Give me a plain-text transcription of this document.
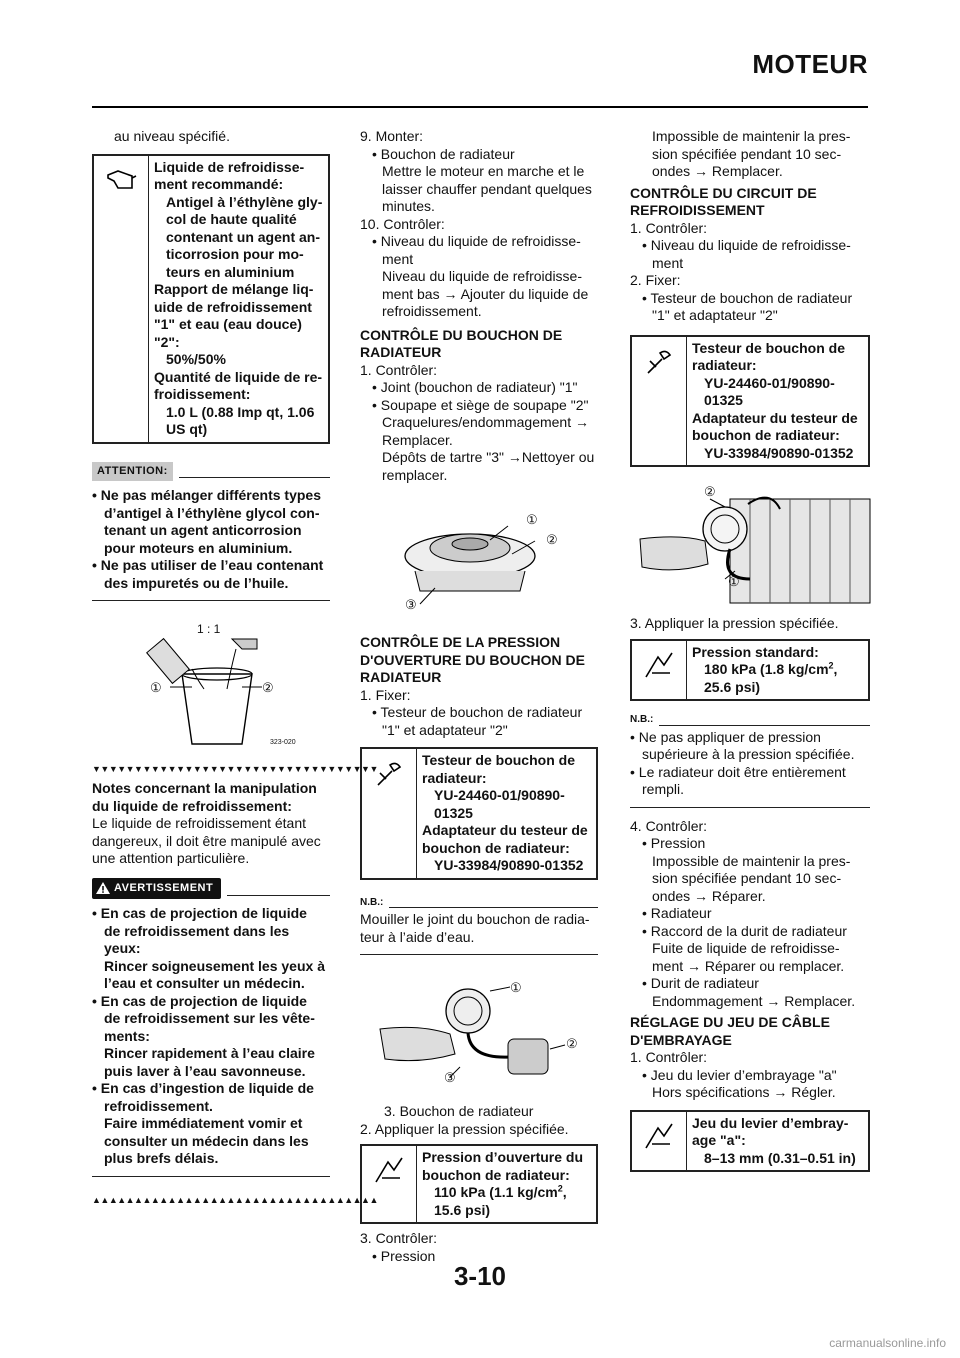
MOTEUR

au niveau spécifié.

Liquide de refroidisse-

ment recommandé:

Antigel à l’éthylène gly-

col de haute qualité

contenant un agent an-

ticorrosion pour mo-

teurs en aluminium

Rapport de mélange liq-

uide de refroidissement

"1" et eau (eau douce)

"2":

50%/50%

Quantité de liquide de re-

froidissement:

1.0 L (0.88 Imp qt, 1.06

US qt)

ATTENTION:

• Ne pas mélanger différents types

d’antigel à l’éthylène glycol con-

tenant un agent anticorrosion

pour moteurs en aluminium.

• Ne pas utiliser de l’eau contenant

des impuretés ou de l’huile.

1 : 1
①	②
323-020
▼▼▼▼▼▼▼▼▼▼▼▼▼▼▼▼▼▼▼▼▼▼▼▼▼▼▼▼▼▼▼▼▼▼

Notes concernant la manipulation

du liquide de refroidissement:

Le liquide de refroidissement étant

dangereux, il doit être manipulé avec

une attention particulière.

AVERTISSEMENT

• En cas de projection de liquide

de refroidissement dans les

yeux:

Rincer soigneusement les yeux à

l’eau et consulter un médecin.

• En cas de projection de liquide

de refroidissement sur les vête-

ments:

Rincer rapidement à l’eau claire

puis laver à l’eau savonneuse.

• En cas d’ingestion de liquide de

refroidissement.

Faire immédiatement vomir et

consulter un médecin dans les

plus brefs délais.

▲▲▲▲▲▲▲▲▲▲▲▲▲▲▲▲▲▲▲▲▲▲▲▲▲▲▲▲▲▲▲▲▲▲

9. Monter:

• Bouchon de radiateur

Mettre le moteur en marche et le

laisser chauffer pendant quelques

minutes.

10. Contrôler:

• Niveau du liquide de refroidisse-

ment

Niveau du liquide de refroidisse-

ment bas → Ajouter du liquide de

refroidissement.

CONTRÔLE DU BOUCHON DE

RADIATEUR

1. Contrôler:

• Joint (bouchon de radiateur) "1"

• Soupape et siège de soupape "2"

Craquelures/endommagement →

Remplacer.

Dépôts de tartre "3" →Nettoyer ou

remplacer.

①
②
③

CONTRÔLE DE LA PRESSION

D'OUVERTURE DU BOUCHON DE

RADIATEUR

1. Fixer:

• Testeur de bouchon de radiateur

"1" et adaptateur "2"

Testeur de bouchon de

radiateur:

YU-24460-01/90890-

01325

Adaptateur du testeur de

bouchon de radiateur:

YU-33984/90890-01352

N.B.:

Mouiller le joint du bouchon de radia-

teur à l’aide d’eau.

①
②
③

3. Bouchon de radiateur

2. Appliquer la pression spécifiée.

Pression d’ouverture du

bouchon de radiateur:

110 kPa (1.1 $kg/cm^2$,

15.6 psi)

3. Contrôler:

• Pression

Impossible de maintenir la pres-

sion spécifiée pendant 10 sec-

ondes → Remplacer.

CONTRÔLE DU CIRCUIT DE

REFROIDISSEMENT

1. Contrôler:

• Niveau du liquide de refroidisse-

ment

2. Fixer:

• Testeur de bouchon de radiateur

"1" et adaptateur "2"

Testeur de bouchon de

radiateur:

YU-24460-01/90890-

01325

Adaptateur du testeur de

bouchon de radiateur:

YU-33984/90890-01352

②
①

3. Appliquer la pression spécifiée.

Pression standard:

180 kPa (1.8 $kg/cm^2$,

25.6 psi)

N.B.:

• Ne pas appliquer de pression

supérieure à la pression spécifiée.

• Le radiateur doit être entièrement

rempli.

4. Contrôler:

• Pression

Impossible de maintenir la pres-

sion spécifiée pendant 10 sec-

ondes → Réparer.

• Radiateur

• Raccord de la durit de radiateur

Fuite de liquide de refroidisse-

ment → Réparer ou remplacer.

• Durit de radiateur

Endommagement → Remplacer.

RÉGLAGE DU JEU DE CÂBLE

D'EMBRAYAGE

1. Contrôler:

• Jeu du levier d’embrayage "a"

Hors spécifications → Régler.

Jeu du levier d’embray-

age "a":

8–13 mm (0.31–0.51 in)

3-10
carmanualsonline.info
